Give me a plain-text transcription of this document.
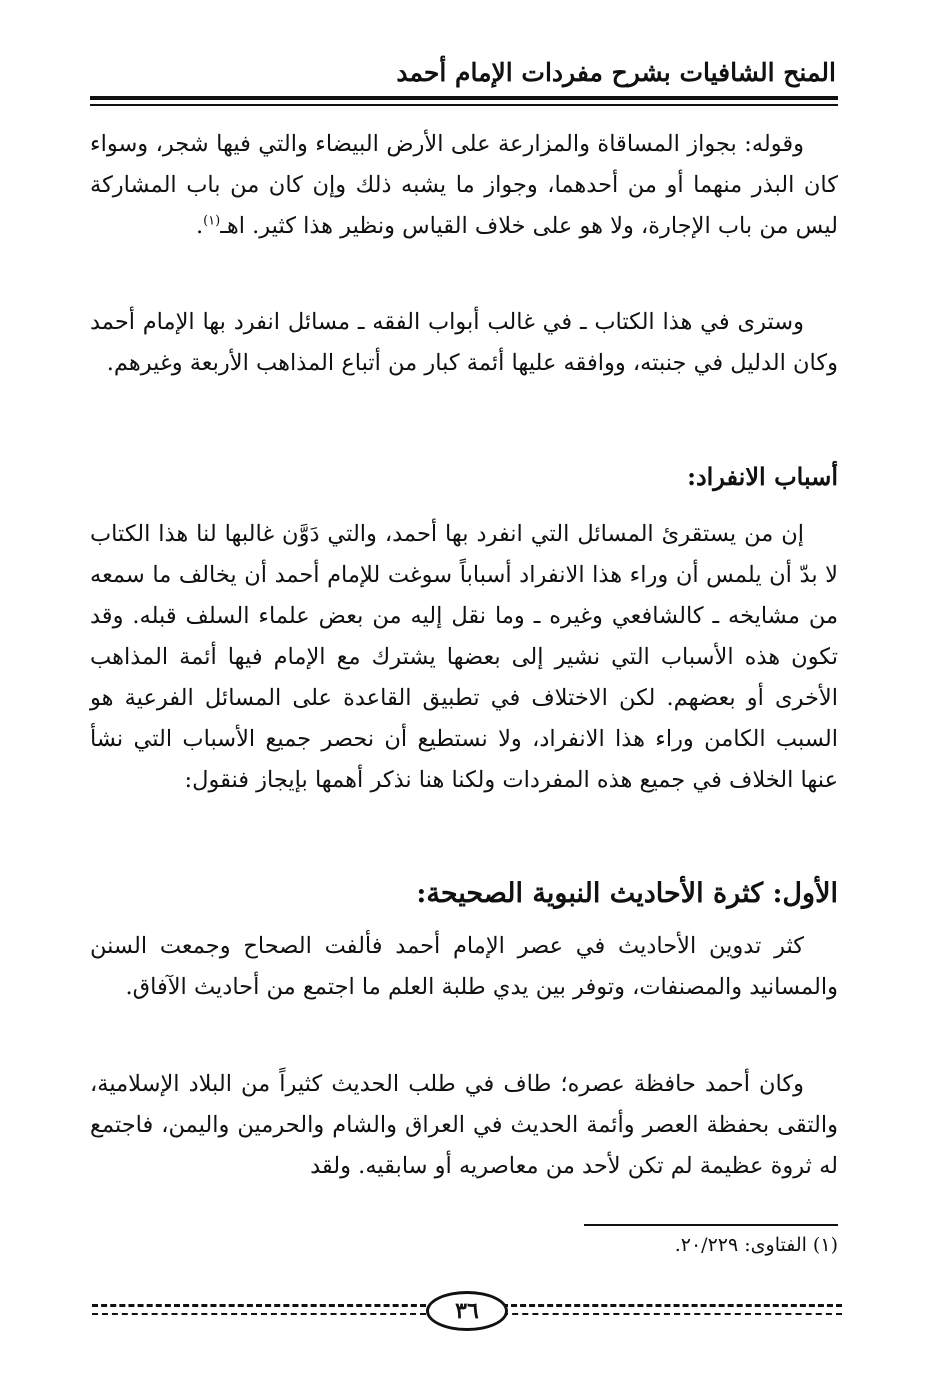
المنح الشافيات بشرح مفردات الإمام أحمد

وقوله: بجواز المساقاة والمزارعة على الأرض البيضاء والتي فيها شجر، وسواء كان البذر منهما أو من أحدهما، وجواز ما يشبه ذلك وإن كان من باب المشاركة ليس من باب الإجارة، ولا هو على خلاف القياس ونظير هذا كثير. اهـ$^{(١)}$.

وسترى في هذا الكتاب ـ في غالب أبواب الفقه ـ مسائل انفرد بها الإمام أحمد وكان الدليل في جنبته، ووافقه عليها أئمة كبار من أتباع المذاهب الأربعة وغيرهم.

أسباب الانفراد:

إن من يستقرئ المسائل التي انفرد بها أحمد، والتي دَوَّن غالبها لنا هذا الكتاب لا بدّ أن يلمس أن وراء هذا الانفراد أسباباً سوغت للإمام أحمد أن يخالف ما سمعه من مشايخه ـ كالشافعي وغيره ـ وما نقل إليه من بعض علماء السلف قبله. وقد تكون هذه الأسباب التي نشير إلى بعضها يشترك مع الإمام فيها أئمة المذاهب الأخرى أو بعضهم. لكن الاختلاف في تطبيق القاعدة على المسائل الفرعية هو السبب الكامن وراء هذا الانفراد، ولا نستطيع أن نحصر جميع الأسباب التي نشأ عنها الخلاف في جميع هذه المفردات ولكنا هنا نذكر أهمها بإيجاز فنقول:

الأول: كثرة الأحاديث النبوية الصحيحة:

كثر تدوين الأحاديث في عصر الإمام أحمد فألفت الصحاح وجمعت السنن والمسانيد والمصنفات، وتوفر بين يدي طلبة العلم ما اجتمع من أحاديث الآفاق.

وكان أحمد حافظة عصره؛ طاف في طلب الحديث كثيراً من البلاد الإسلامية، والتقى بحفظة العصر وأئمة الحديث في العراق والشام والحرمين واليمن، فاجتمع له ثروة عظيمة لم تكن لأحد من معاصريه أو سابقيه. ولقد

(١) الفتاوى: ٢٠/٢٢٩.
٣٦
